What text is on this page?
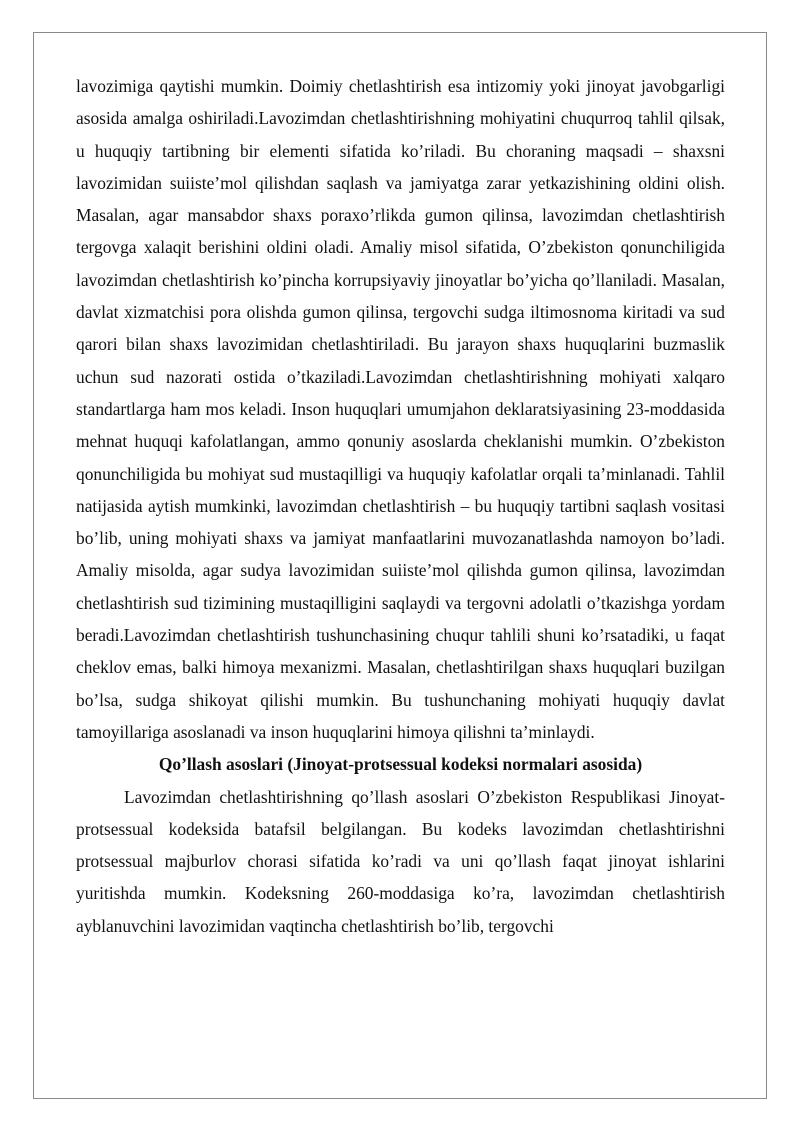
lavozimiga qaytishi mumkin. Doimiy chetlashtirish esa intizomiy yoki jinoyat javobgarligi asosida amalga oshiriladi.Lavozimdan chetlashtirishning mohiyatini chuqurroq tahlil qilsak, u huquqiy tartibning bir elementi sifatida ko’riladi. Bu choraning maqsadi – shaxsni lavozimidan suiiste’mol qilishdan saqlash va jamiyatga zarar yetkazishining oldini olish. Masalan, agar mansabdor shaxs poraxo’rlikda gumon qilinsa, lavozimdan chetlashtirish tergovga xalaqit berishini oldini oladi. Amaliy misol sifatida, O’zbekiston qonunchiligida lavozimdan chetlashtirish ko’pincha korrupsiyaviy jinoyatlar bo’yicha qo’llaniladi. Masalan, davlat xizmatchisi pora olishda gumon qilinsa, tergovchi sudga iltimosnoma kiritadi va sud qarori bilan shaxs lavozimidan chetlashtiriladi. Bu jarayon shaxs huquqlarini buzmaslik uchun sud nazorati ostida o’tkaziladi.Lavozimdan chetlashtirishning mohiyati xalqaro standartlarga ham mos keladi. Inson huquqlari umumjahon deklaratsiyasining 23-moddasida mehnat huquqi kafolatlangan, ammo qonuniy asoslarda cheklanishi mumkin. O’zbekiston qonunchiligida bu mohiyat sud mustaqilligi va huquqiy kafolatlar orqali ta’minlanadi. Tahlil natijasida aytish mumkinki, lavozimdan chetlashtirish – bu huquqiy tartibni saqlash vositasi bo’lib, uning mohiyati shaxs va jamiyat manfaatlarini muvozanatlashda namoyon bo’ladi. Amaliy misolda, agar sudya lavozimidan suiiste’mol qilishda gumon qilinsa, lavozimdan chetlashtirish sud tizimining mustaqilligini saqlaydi va tergovni adolatli o’tkazishga yordam beradi.Lavozimdan chetlashtirish tushunchasining chuqur tahlili shuni ko’rsatadiki, u faqat cheklov emas, balki himoya mexanizmi. Masalan, chetlashtirilgan shaxs huquqlari buzilgan bo’lsa, sudga shikoyat qilishi mumkin. Bu tushunchaning mohiyati huquqiy davlat tamoyillariga asoslanadi va inson huquqlarini himoya qilishni ta’minlaydi.

Qo’llash asoslari (Jinoyat-protsessual kodeksi normalari asosida)

Lavozimdan chetlashtirishning qo’llash asoslari O’zbekiston Respublikasi Jinoyat-protsessual kodeksida batafsil belgilangan. Bu kodeks lavozimdan chetlashtirishni protsessual majburlov chorasi sifatida ko’radi va uni qo’llash faqat jinoyat ishlarini yuritishda mumkin. Kodeksning 260-moddasiga ko’ra, lavozimdan chetlashtirish ayblanuvchini lavozimidan vaqtincha chetlashtirish bo’lib, tergovchi
